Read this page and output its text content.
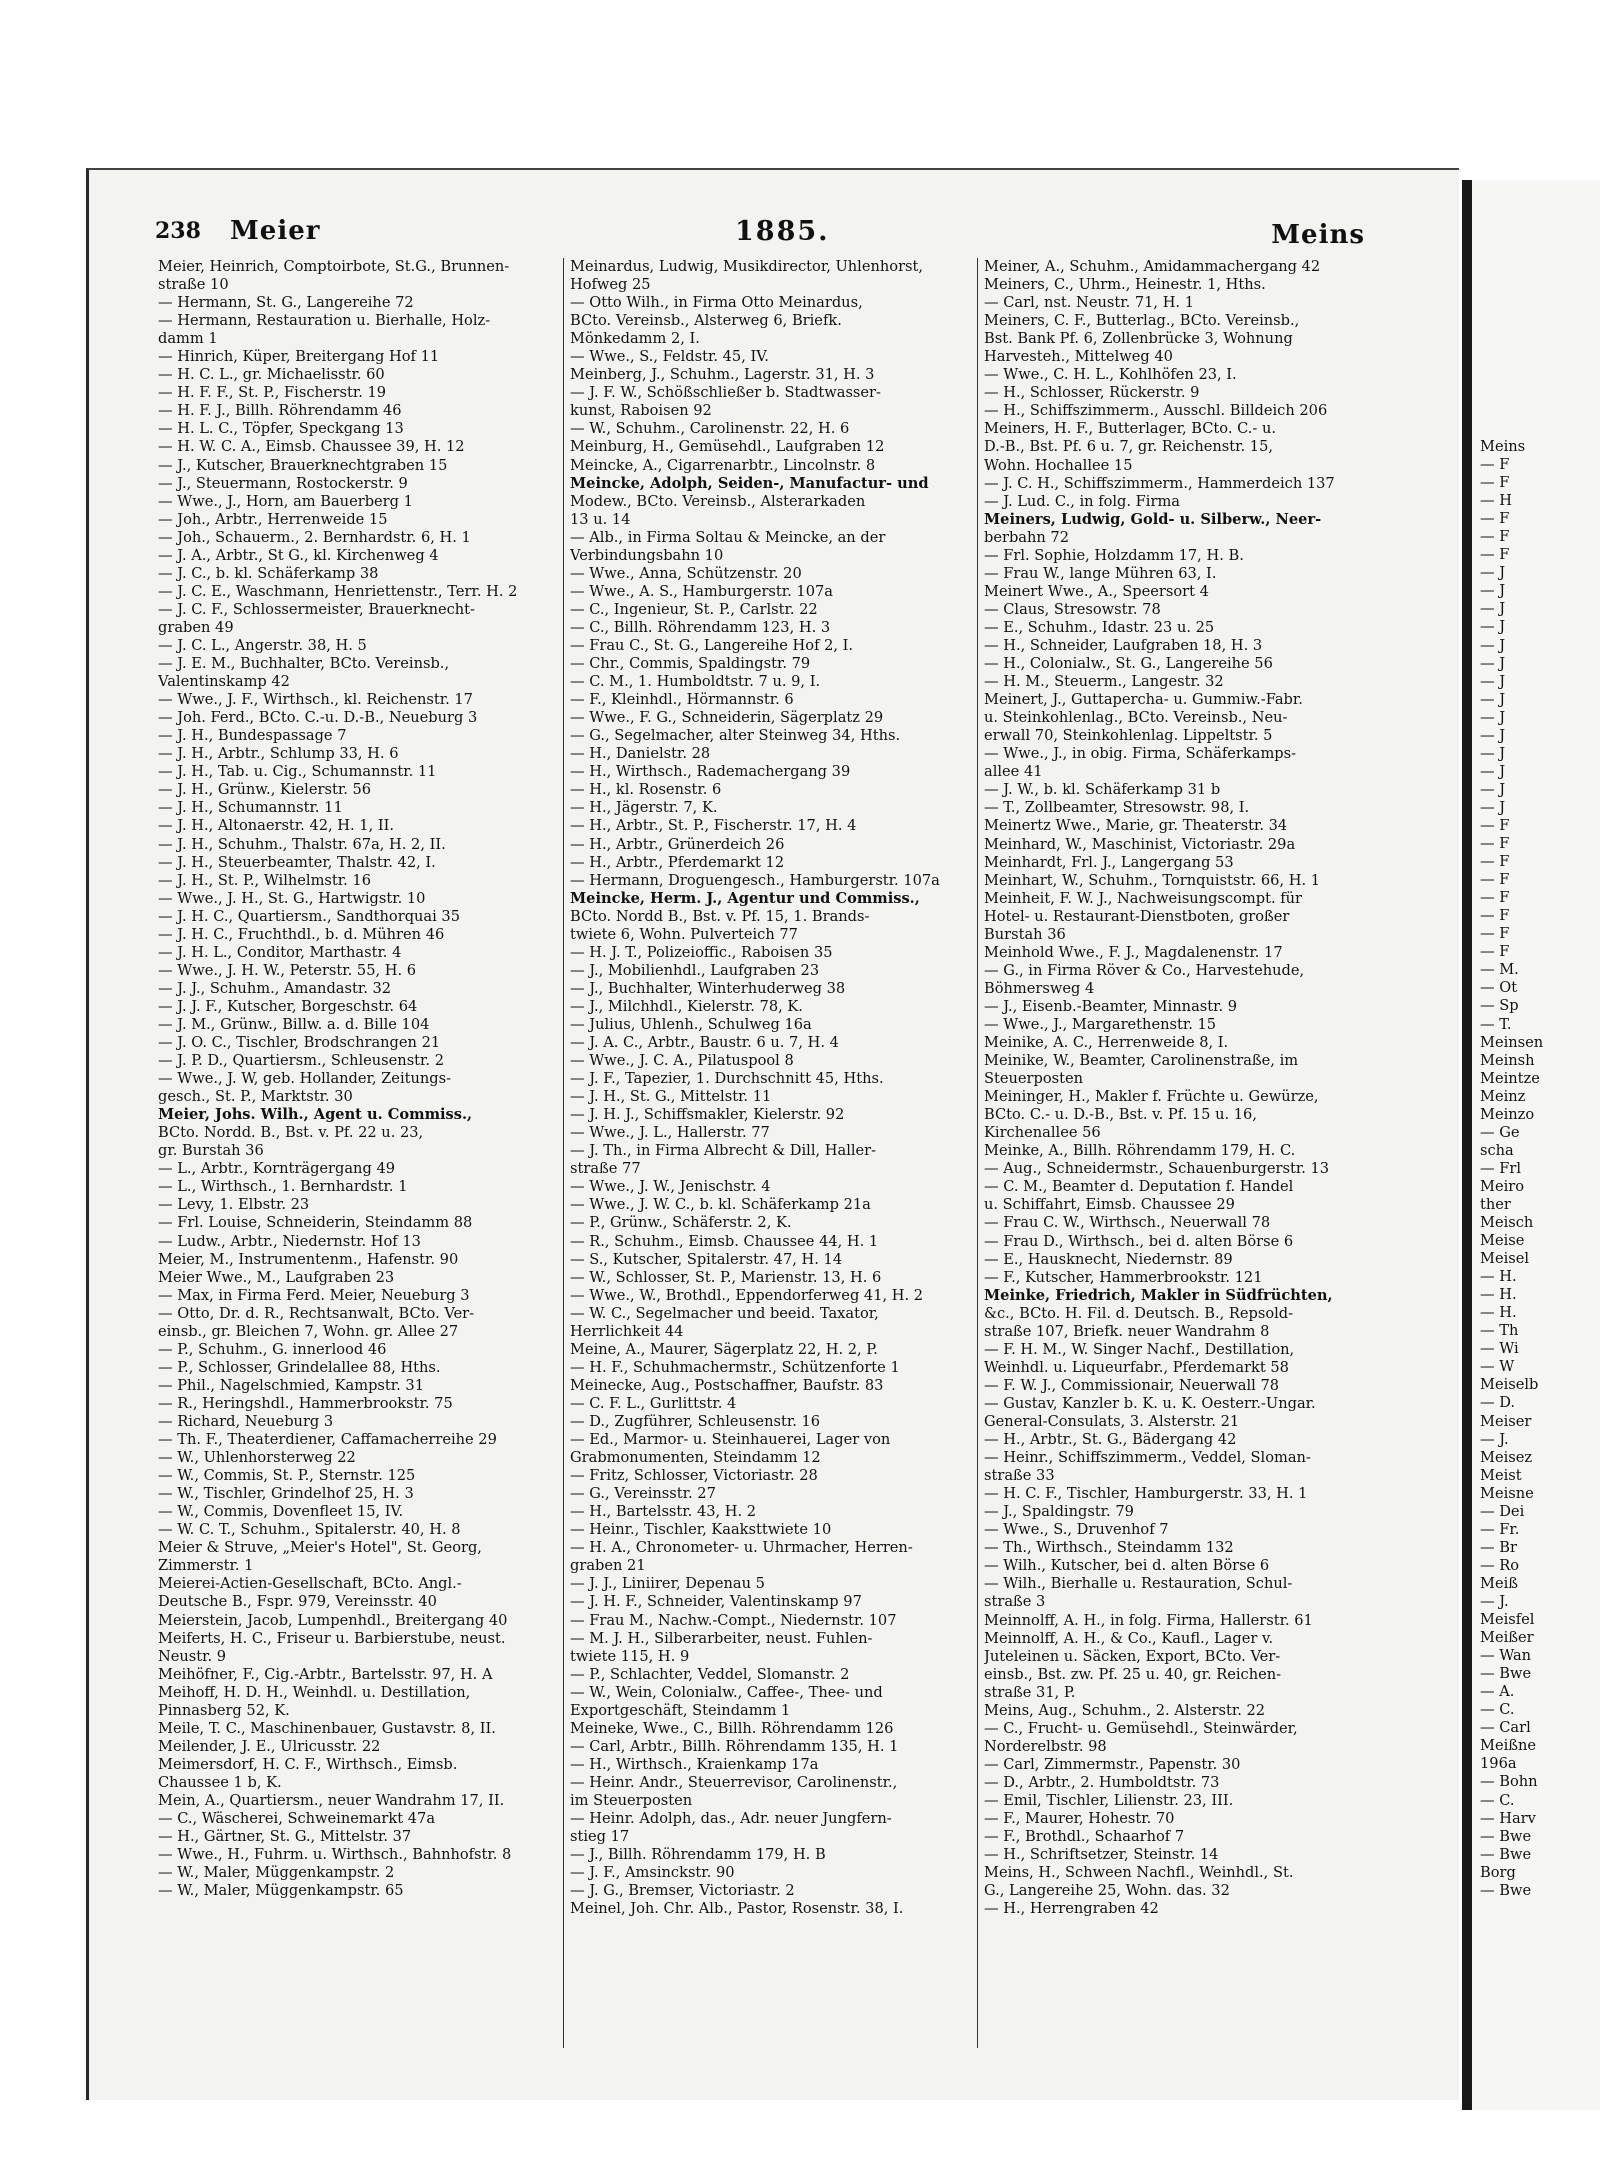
Meins
— F
— F
— H
— F
— F
— F
— J
— J
— J
— J
— J
— J
— J
— J
— J
— J
— J
— J
— J
— J
— F
— F
— F
— F
— F
— F
— F
— F
— M.
— Ot
— Sp
— T.
Meinsen
Meinsh
Meintze
Meinz
Meinzo
— Ge
scha
— Frl
Meiro
ther
Meisch
Meise
Meisel
— H.
— H.
— H.
— Th
— Wi
— W
Meiselb
— D.
Meiser
— J.
Meisez
Meist
Meisne
— Dei
— Fr.
— Br
— Ro
Meiß
— J.
Meisfel
Meißer
— Wan
— Bwe
— A.
— C.
— Carl
Meißne
196a
— Bohn
— C.
— Harv
— Bwe
— Bwe
Borg
— Bwe
238 Meier	1885.	Meins
Meier, Heinrich, Comptoirbote, St.G., Brunnen-
straße 10
— Hermann, St. G., Langereihe 72
— Hermann, Restauration u. Bierhalle, Holz-
damm 1
— Hinrich, Küper, Breitergang Hof 11
— H. C. L., gr. Michaelisstr. 60
— H. F. F., St. P., Fischerstr. 19
— H. F. J., Billh. Röhrendamm 46
— H. L. C., Töpfer, Speckgang 13
— H. W. C. A., Eimsb. Chaussee 39, H. 12
— J., Kutscher, Brauerknechtgraben 15
— J., Steuermann, Rostockerstr. 9
— Wwe., J., Horn, am Bauerberg 1
— Joh., Arbtr., Herrenweide 15
— Joh., Schauerm., 2. Bernhardstr. 6, H. 1
— J. A., Arbtr., St G., kl. Kirchenweg 4
— J. C., b. kl. Schäferkamp 38
— J. C. E., Waschmann, Henriettenstr., Terr. H. 2
— J. C. F., Schlossermeister, Brauerknecht-
graben 49
— J. C. L., Angerstr. 38, H. 5
— J. E. M., Buchhalter, BCto. Vereinsb.,
Valentinskamp 42
— Wwe., J. F., Wirthsch., kl. Reichenstr. 17
— Joh. Ferd., BCto. C.-u. D.-B., Neueburg 3
— J. H., Bundespassage 7
— J. H., Arbtr., Schlump 33, H. 6
— J. H., Tab. u. Cig., Schumannstr. 11
— J. H., Grünw., Kielerstr. 56
— J. H., Schumannstr. 11
— J. H., Altonaerstr. 42, H. 1, II.
— J. H., Schuhm., Thalstr. 67a, H. 2, II.
— J. H., Steuerbeamter, Thalstr. 42, I.
— J. H., St. P., Wilhelmstr. 16
— Wwe., J. H., St. G., Hartwigstr. 10
— J. H. C., Quartiersm., Sandthorquai 35
— J. H. C., Fruchthdl., b. d. Mühren 46
— J. H. L., Conditor, Marthastr. 4
— Wwe., J. H. W., Peterstr. 55, H. 6
— J. J., Schuhm., Amandastr. 32
— J. J. F., Kutscher, Borgeschstr. 64
— J. M., Grünw., Billw. a. d. Bille 104
— J. O. C., Tischler, Brodschrangen 21
— J. P. D., Quartiersm., Schleusenstr. 2
— Wwe., J. W, geb. Hollander, Zeitungs-
gesch., St. P., Marktstr. 30
Meier, Johs. Wilh., Agent u. Commiss.,
BCto. Nordd. B., Bst. v. Pf. 22 u. 23,
gr. Burstah 36
— L., Arbtr., Kornträgergang 49
— L., Wirthsch., 1. Bernhardstr. 1
— Levy, 1. Elbstr. 23
— Frl. Louise, Schneiderin, Steindamm 88
— Ludw., Arbtr., Niedernstr. Hof 13
Meier, M., Instrumentenm., Hafenstr. 90
Meier Wwe., M., Laufgraben 23
— Max, in Firma Ferd. Meier, Neueburg 3
— Otto, Dr. d. R., Rechtsanwalt, BCto. Ver-
einsb., gr. Bleichen 7, Wohn. gr. Allee 27
— P., Schuhm., G. innerlood 46
— P., Schlosser, Grindelallee 88, Hths.
— Phil., Nagelschmied, Kampstr. 31
— R., Heringshdl., Hammerbrookstr. 75
— Richard, Neueburg 3
— Th. F., Theaterdiener, Caffamacherreihe 29
— W., Uhlenhorsterweg 22
— W., Commis, St. P., Sternstr. 125
— W., Tischler, Grindelhof 25, H. 3
— W., Commis, Dovenfleet 15, IV.
— W. C. T., Schuhm., Spitalerstr. 40, H. 8
Meier & Struve, „Meier's Hotel", St. Georg,
Zimmerstr. 1
Meierei-Actien-Gesellschaft, BCto. Angl.-
Deutsche B., Fspr. 979, Vereinsstr. 40
Meierstein, Jacob, Lumpenhdl., Breitergang 40
Meiferts, H. C., Friseur u. Barbierstube, neust.
Neustr. 9
Meihöfner, F., Cig.-Arbtr., Bartelsstr. 97, H. A
Meihoff, H. D. H., Weinhdl. u. Destillation,
Pinnasberg 52, K.
Meile, T. C., Maschinenbauer, Gustavstr. 8, II.
Meilender, J. E., Ulricusstr. 22
Meimersdorf, H. C. F., Wirthsch., Eimsb.
Chaussee 1 b, K.
Mein, A., Quartiersm., neuer Wandrahm 17, II.
— C., Wäscherei, Schweinemarkt 47a
— H., Gärtner, St. G., Mittelstr. 37
— Wwe., H., Fuhrm. u. Wirthsch., Bahnhofstr. 8
— W., Maler, Müggenkampstr. 2
— W., Maler, Müggenkampstr. 65
Meinardus, Ludwig, Musikdirector, Uhlenhorst,
Hofweg 25
— Otto Wilh., in Firma Otto Meinardus,
BCto. Vereinsb., Alsterweg 6, Briefk.
Mönkedamm 2, I.
— Wwe., S., Feldstr. 45, IV.
Meinberg, J., Schuhm., Lagerstr. 31, H. 3
— J. F. W., Schößschließer b. Stadtwasser-
kunst, Raboisen 92
— W., Schuhm., Carolinenstr. 22, H. 6
Meinburg, H., Gemüsehdl., Laufgraben 12
Meincke, A., Cigarrenarbtr., Lincolnstr. 8
Meincke, Adolph, Seiden-, Manufactur- und
Modew., BCto. Vereinsb., Alsterarkaden
13 u. 14
— Alb., in Firma Soltau & Meincke, an der
Verbindungsbahn 10
— Wwe., Anna, Schützenstr. 20
— Wwe., A. S., Hamburgerstr. 107a
— C., Ingenieur, St. P., Carlstr. 22
— C., Billh. Röhrendamm 123, H. 3
— Frau C., St. G., Langereihe Hof 2, I.
— Chr., Commis, Spaldingstr. 79
— C. M., 1. Humboldtstr. 7 u. 9, I.
— F., Kleinhdl., Hörmannstr. 6
— Wwe., F. G., Schneiderin, Sägerplatz 29
— G., Segelmacher, alter Steinweg 34, Hths.
— H., Danielstr. 28
— H., Wirthsch., Rademachergang 39
— H., kl. Rosenstr. 6
— H., Jägerstr. 7, K.
— H., Arbtr., St. P., Fischerstr. 17, H. 4
— H., Arbtr., Grünerdeich 26
— H., Arbtr., Pferdemarkt 12
— Hermann, Droguengesch., Hamburgerstr. 107a
Meincke, Herm. J., Agentur und Commiss.,
BCto. Nordd B., Bst. v. Pf. 15, 1. Brands-
twiete 6, Wohn. Pulverteich 77
— H. J. T., Polizeioffic., Raboisen 35
— J., Mobilienhdl., Laufgraben 23
— J., Buchhalter, Winterhuderweg 38
— J., Milchhdl., Kielerstr. 78, K.
— Julius, Uhlenh., Schulweg 16a
— J. A. C., Arbtr., Baustr. 6 u. 7, H. 4
— Wwe., J. C. A., Pilatuspool 8
— J. F., Tapezier, 1. Durchschnitt 45, Hths.
— J. H., St. G., Mittelstr. 11
— J. H. J., Schiffsmakler, Kielerstr. 92
— Wwe., J. L., Hallerstr. 77
— J. Th., in Firma Albrecht & Dill, Haller-
straße 77
— Wwe., J. W., Jenischstr. 4
— Wwe., J. W. C., b. kl. Schäferkamp 21a
— P., Grünw., Schäferstr. 2, K.
— R., Schuhm., Eimsb. Chaussee 44, H. 1
— S., Kutscher, Spitalerstr. 47, H. 14
— W., Schlosser, St. P., Marienstr. 13, H. 6
— Wwe., W., Brothdl., Eppendorferweg 41, H. 2
— W. C., Segelmacher und beeid. Taxator,
Herrlichkeit 44
Meine, A., Maurer, Sägerplatz 22, H. 2, P.
— H. F., Schuhmachermstr., Schützenforte 1
Meinecke, Aug., Postschaffner, Baufstr. 83
— C. F. L., Gurlittstr. 4
— D., Zugführer, Schleusenstr. 16
— Ed., Marmor- u. Steinhauerei, Lager von
Grabmonumenten, Steindamm 12
— Fritz, Schlosser, Victoriastr. 28
— G., Vereinsstr. 27
— H., Bartelsstr. 43, H. 2
— Heinr., Tischler, Kaaksttwiete 10
— H. A., Chronometer- u. Uhrmacher, Herren-
graben 21
— J. J., Liniirer, Depenau 5
— J. H. F., Schneider, Valentinskamp 97
— Frau M., Nachw.-Compt., Niedernstr. 107
— M. J. H., Silberarbeiter, neust. Fuhlen-
twiete 115, H. 9
— P., Schlachter, Veddel, Slomanstr. 2
— W., Wein, Colonialw., Caffee-, Thee- und
Exportgeschäft, Steindamm 1
Meineke, Wwe., C., Billh. Röhrendamm 126
— Carl, Arbtr., Billh. Röhrendamm 135, H. 1
— H., Wirthsch., Kraienkamp 17a
— Heinr. Andr., Steuerrevisor, Carolinenstr.,
im Steuerposten
— Heinr. Adolph, das., Adr. neuer Jungfern-
stieg 17
— J., Billh. Röhrendamm 179, H. B
— J. F., Amsinckstr. 90
— J. G., Bremser, Victoriastr. 2
Meinel, Joh. Chr. Alb., Pastor, Rosenstr. 38, I.
Meiner, A., Schuhm., Amidammachergang 42
Meiners, C., Uhrm., Heinestr. 1, Hths.
— Carl, nst. Neustr. 71, H. 1
Meiners, C. F., Butterlag., BCto. Vereinsb.,
Bst. Bank Pf. 6, Zollenbrücke 3, Wohnung
Harvesteh., Mittelweg 40
— Wwe., C. H. L., Kohlhöfen 23, I.
— H., Schlosser, Rückerstr. 9
— H., Schiffszimmerm., Ausschl. Billdeich 206
Meiners, H. F., Butterlager, BCto. C.- u.
D.-B., Bst. Pf. 6 u. 7, gr. Reichenstr. 15,
Wohn. Hochallee 15
— J. C. H., Schiffszimmerm., Hammerdeich 137
— J. Lud. C., in folg. Firma
Meiners, Ludwig, Gold- u. Silberw., Neer-
berbahn 72
— Frl. Sophie, Holzdamm 17, H. B.
— Frau W., lange Mühren 63, I.
Meinert Wwe., A., Speersort 4
— Claus, Stresowstr. 78
— E., Schuhm., Idastr. 23 u. 25
— H., Schneider, Laufgraben 18, H. 3
— H., Colonialw., St. G., Langereihe 56
— H. M., Steuerm., Langestr. 32
Meinert, J., Guttapercha- u. Gummiw.-Fabr.
u. Steinkohlenlag., BCto. Vereinsb., Neu-
erwall 70, Steinkohlenlag. Lippeltstr. 5
— Wwe., J., in obig. Firma, Schäferkamps-
allee 41
— J. W., b. kl. Schäferkamp 31 b
— T., Zollbeamter, Stresowstr. 98, I.
Meinertz Wwe., Marie, gr. Theaterstr. 34
Meinhard, W., Maschinist, Victoriastr. 29a
Meinhardt, Frl. J., Langergang 53
Meinhart, W., Schuhm., Tornquiststr. 66, H. 1
Meinheit, F. W. J., Nachweisungscompt. für
Hotel- u. Restaurant-Dienstboten, großer
Burstah 36
Meinhold Wwe., F. J., Magdalenenstr. 17
— G., in Firma Röver & Co., Harvestehude,
Böhmersweg 4
— J., Eisenb.-Beamter, Minnastr. 9
— Wwe., J., Margarethenstr. 15
Meinike, A. C., Herrenweide 8, I.
Meinike, W., Beamter, Carolinenstraße, im
Steuerposten
Meininger, H., Makler f. Früchte u. Gewürze,
BCto. C.- u. D.-B., Bst. v. Pf. 15 u. 16,
Kirchenallee 56
Meinke, A., Billh. Röhrendamm 179, H. C.
— Aug., Schneidermstr., Schauenburgerstr. 13
— C. M., Beamter d. Deputation f. Handel
u. Schiffahrt, Eimsb. Chaussee 29
— Frau C. W., Wirthsch., Neuerwall 78
— Frau D., Wirthsch., bei d. alten Börse 6
— E., Hausknecht, Niedernstr. 89
— F., Kutscher, Hammerbrookstr. 121
Meinke, Friedrich, Makler in Südfrüchten,
&c., BCto. H. Fil. d. Deutsch. B., Repsold-
straße 107, Briefk. neuer Wandrahm 8
— F. H. M., W. Singer Nachf., Destillation,
Weinhdl. u. Liqueurfabr., Pferdemarkt 58
— F. W. J., Commissionair, Neuerwall 78
— Gustav, Kanzler b. K. u. K. Oesterr.-Ungar.
General-Consulats, 3. Alsterstr. 21
— H., Arbtr., St. G., Bädergang 42
— Heinr., Schiffszimmerm., Veddel, Sloman-
straße 33
— H. C. F., Tischler, Hamburgerstr. 33, H. 1
— J., Spaldingstr. 79
— Wwe., S., Druvenhof 7
— Th., Wirthsch., Steindamm 132
— Wilh., Kutscher, bei d. alten Börse 6
— Wilh., Bierhalle u. Restauration, Schul-
straße 3
Meinnolff, A. H., in folg. Firma, Hallerstr. 61
Meinnolff, A. H., & Co., Kaufl., Lager v.
Juteleinen u. Säcken, Export, BCto. Ver-
einsb., Bst. zw. Pf. 25 u. 40, gr. Reichen-
straße 31, P.
Meins, Aug., Schuhm., 2. Alsterstr. 22
— C., Frucht- u. Gemüsehdl., Steinwärder,
Norderelbstr. 98
— Carl, Zimmermstr., Papenstr. 30
— D., Arbtr., 2. Humboldtstr. 73
— Emil, Tischler, Lilienstr. 23, III.
— F., Maurer, Hohestr. 70
— F., Brothdl., Schaarhof 7
— H., Schriftsetzer, Steinstr. 14
Meins, H., Schween Nachfl., Weinhdl., St.
G., Langereihe 25, Wohn. das. 32
— H., Herrengraben 42
